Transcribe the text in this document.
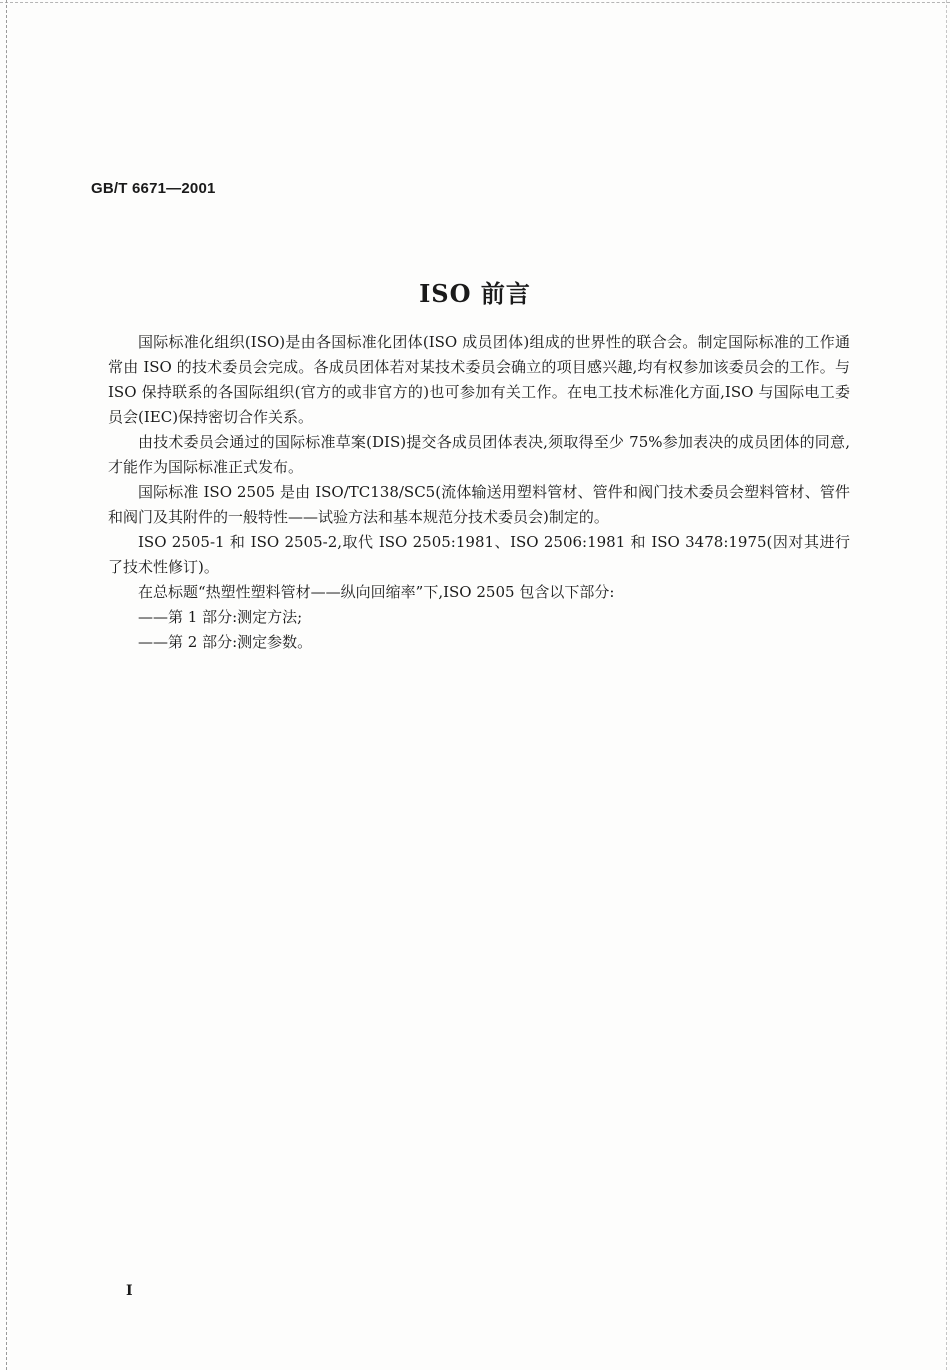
GB/T 6671—2001
ISO 前言

国际标准化组织(ISO)是由各国标准化团体(ISO 成员团体)组成的世界性的联合会。制定国际标准的工作通常由 ISO 的技术委员会完成。各成员团体若对某技术委员会确立的项目感兴趣,均有权参加该委员会的工作。与 ISO 保持联系的各国际组织(官方的或非官方的)也可参加有关工作。在电工技术标准化方面,ISO 与国际电工委员会(IEC)保持密切合作关系。

由技术委员会通过的国际标准草案(DIS)提交各成员团体表决,须取得至少 75%参加表决的成员团体的同意,才能作为国际标准正式发布。

国际标准 ISO 2505 是由 ISO/TC138/SC5(流体输送用塑料管材、管件和阀门技术委员会塑料管材、管件和阀门及其附件的一般特性——试验方法和基本规范分技术委员会)制定的。

ISO 2505-1 和 ISO 2505-2,取代 ISO 2505:1981、ISO 2506:1981 和 ISO 3478:1975(因对其进行了技术性修订)。

在总标题“热塑性塑料管材——纵向回缩率”下,ISO 2505 包含以下部分:

——第 1 部分:测定方法;

——第 2 部分:测定参数。

I
